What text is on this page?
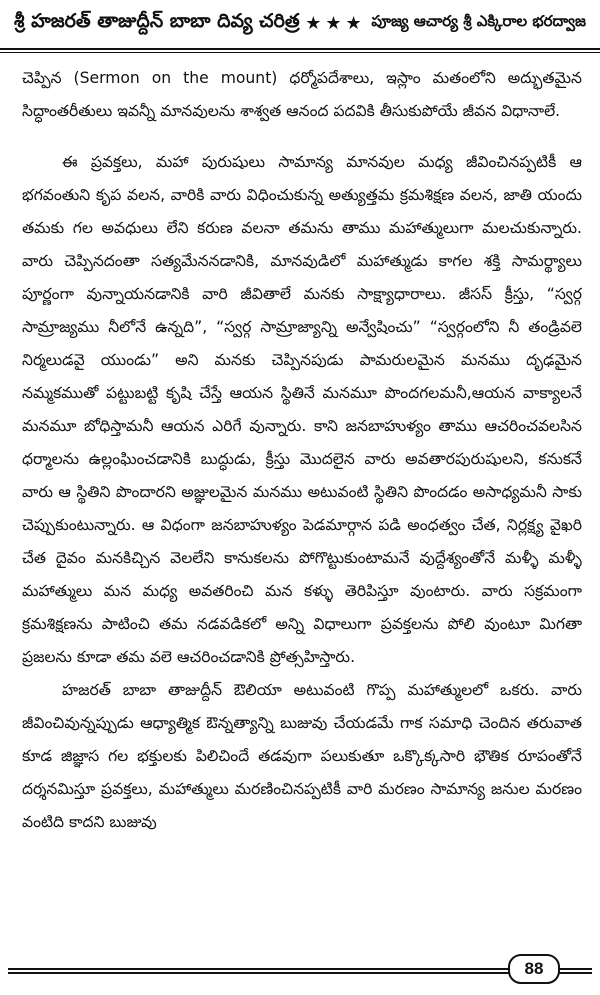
శ్రీ హజరత్ తాజుద్దీన్ బాబా దివ్య చరిత్ర ★★★ పూజ్య ఆచార్య శ్రీ ఎక్కిరాల భరద్వాజ

చెప్పిన (Sermon on the mount) ధర్మోపదేశాలు, ఇస్లాం మతంలోని అద్భుతమైన సిద్ధాంతరీతులు ఇవన్నీ మానవులను శాశ్వత ఆనంద పదవికి తీసుకుపోయే జీవన విధానాలే.

ఈ ప్రవక్తలు, మహా పురుషులు సామాన్య మానవుల మధ్య జీవించినప్పటికీ ఆ భగవంతుని కృప వలన, వారికి వారు విధించుకున్న అత్యుత్తమ క్రమశిక్షణ వలన, జాతి యందు తమకు గల అవధులు లేని కరుణ వలనా తమను తాము మహాత్ములుగా మలచుకున్నారు. వారు చెప్పినదంతా సత్యమేననడానికి, మానవుడిలో మహాత్ముడు కాగల శక్తి సామర్థ్యాలు పూర్ణంగా వున్నాయనడానికి వారి జీవితాలే మనకు సాక్ష్యాధారాలు. జీసస్ క్రీస్తు, “స్వర్గ సామ్రాజ్యము నీలోనే ఉన్నది”, “స్వర్గ సామ్రాజ్యాన్ని అన్వేషించు” “స్వర్గంలోని నీ తండ్రివలె నిర్మలుడవై యుండు” అని మనకు చెప్పినపుడు పామరులమైన మనము దృఢమైన నమ్మకముతో పట్టుబట్టి కృషి చేస్తే ఆయన స్థితినే మనమూ పొందగలమనీ,ఆయన వాక్యాలనే మనమూ బోధిస్తామనీ ఆయన ఎరిగే వున్నారు. కాని జనబాహుళ్యం తాము ఆచరించవలసిన ధర్మాలను ఉల్లంఘించడానికి బుద్ధుడు, క్రీస్తు మొదలైన వారు అవతారపురుషులని, కనుకనే వారు ఆ స్థితిని పొందారని అజ్ఞులమైన మనము అటువంటి స్థితిని పొందడం అసాధ్యమనీ సాకు చెప్పుకుంటున్నారు. ఆ విధంగా జనబాహుళ్యం పెడమార్గాన పడి అంధత్వం చేత, నిర్లక్ష్య వైఖరి చేత దైవం మనకిచ్చిన వెలలేని కానుకలను పోగొట్టుకుంటామనే వుద్దేశ్యంతోనే మళ్ళీ మళ్ళీ మహాత్ములు మన మధ్య అవతరించి మన కళ్ళు తెరిపిస్తూ వుంటారు. వారు సక్రమంగా క్రమశిక్షణను పాటించి తమ నడవడికలో అన్ని విధాలుగా ప్రవక్తలను పోలి వుంటూ మిగతా ప్రజలను కూడా తమ వలె ఆచరించడానికి ప్రోత్సహిస్తారు.

హజరత్ బాబా తాజుద్దీన్ ఔలియా అటువంటి గొప్ప మహాత్ములలో ఒకరు. వారు జీవించివున్నప్పుడు ఆధ్యాత్మిక ఔన్నత్యాన్ని బుజువు చేయడమే గాక సమాధి చెందిన తరువాత కూడ జిజ్ఞాస గల భక్తులకు పిలిచిందే తడవుగా పలుకుతూ ఒక్కొక్కసారి భౌతిక రూపంతోనే దర్శనమిస్తూ ప్రవక్తలు, మహాత్ములు మరణించినప్పటికీ వారి మరణం సామాన్య జనుల మరణం వంటిది కాదని బుజువు

88
